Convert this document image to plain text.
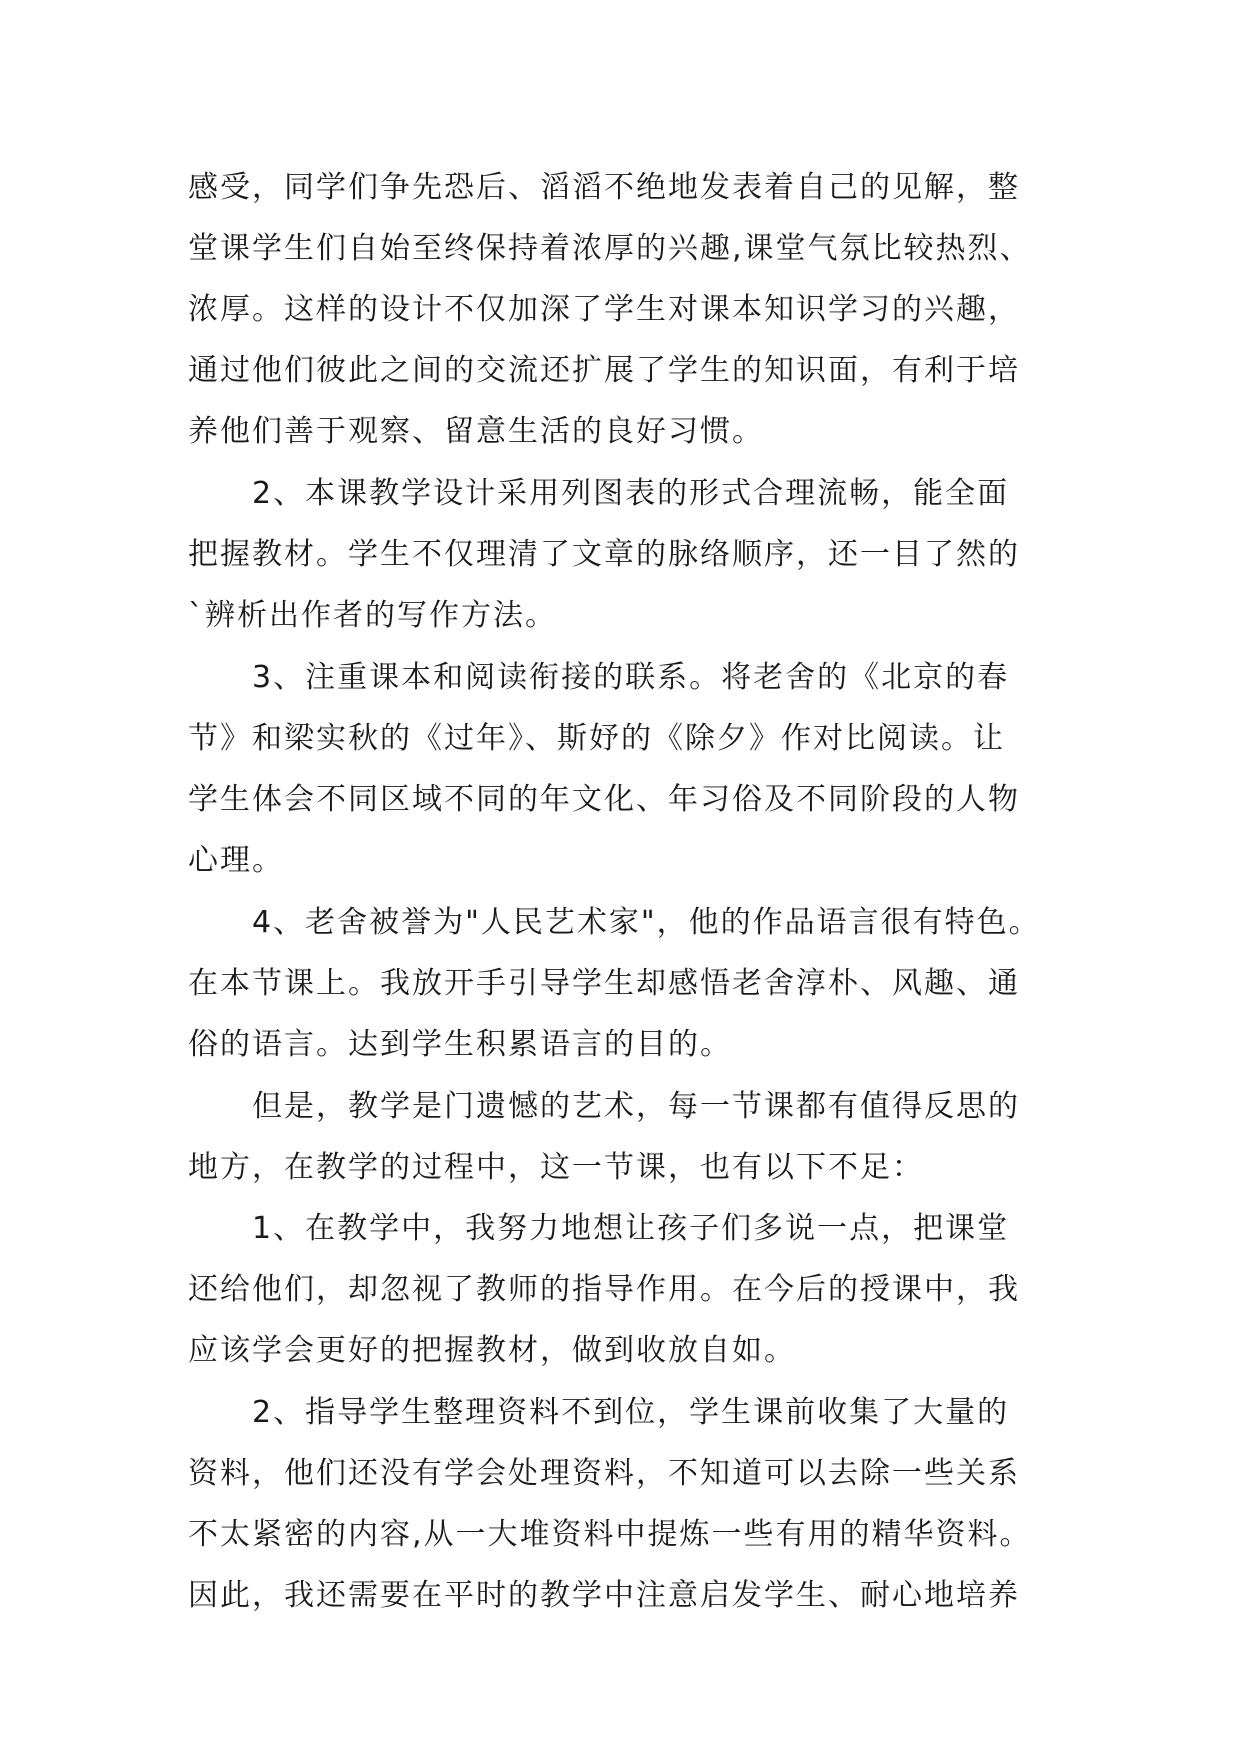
感受，同学们争先恐后、滔滔不绝地发表着自己的见解，整
堂课学生们自始至终保持着浓厚的兴趣,课堂气氛比较热烈、
浓厚。这样的设计不仅加深了学生对课本知识学习的兴趣，
通过他们彼此之间的交流还扩展了学生的知识面，有利于培
养他们善于观察、留意生活的良好习惯。
2、本课教学设计采用列图表的形式合理流畅，能全面
把握教材。学生不仅理清了文章的脉络顺序，还一目了然的
`辨析出作者的写作方法。
3、注重课本和阅读衔接的联系。将老舍的《北京的春
节》和梁实秋的《过年》、斯妤的《除夕》作对比阅读。让
学生体会不同区域不同的年文化、年习俗及不同阶段的人物
心理。
4、老舍被誉为"人民艺术家"，他的作品语言很有特色。
在本节课上。我放开手引导学生却感悟老舍淳朴、风趣、通
俗的语言。达到学生积累语言的目的。
但是，教学是门遗憾的艺术，每一节课都有值得反思的
地方，在教学的过程中，这一节课，也有以下不足：
1、在教学中，我努力地想让孩子们多说一点，把课堂
还给他们，却忽视了教师的指导作用。在今后的授课中，我
应该学会更好的把握教材，做到收放自如。
2、指导学生整理资料不到位，学生课前收集了大量的
资料，他们还没有学会处理资料，不知道可以去除一些关系
不太紧密的内容,从一大堆资料中提炼一些有用的精华资料。
因此，我还需要在平时的教学中注意启发学生、耐心地培养
